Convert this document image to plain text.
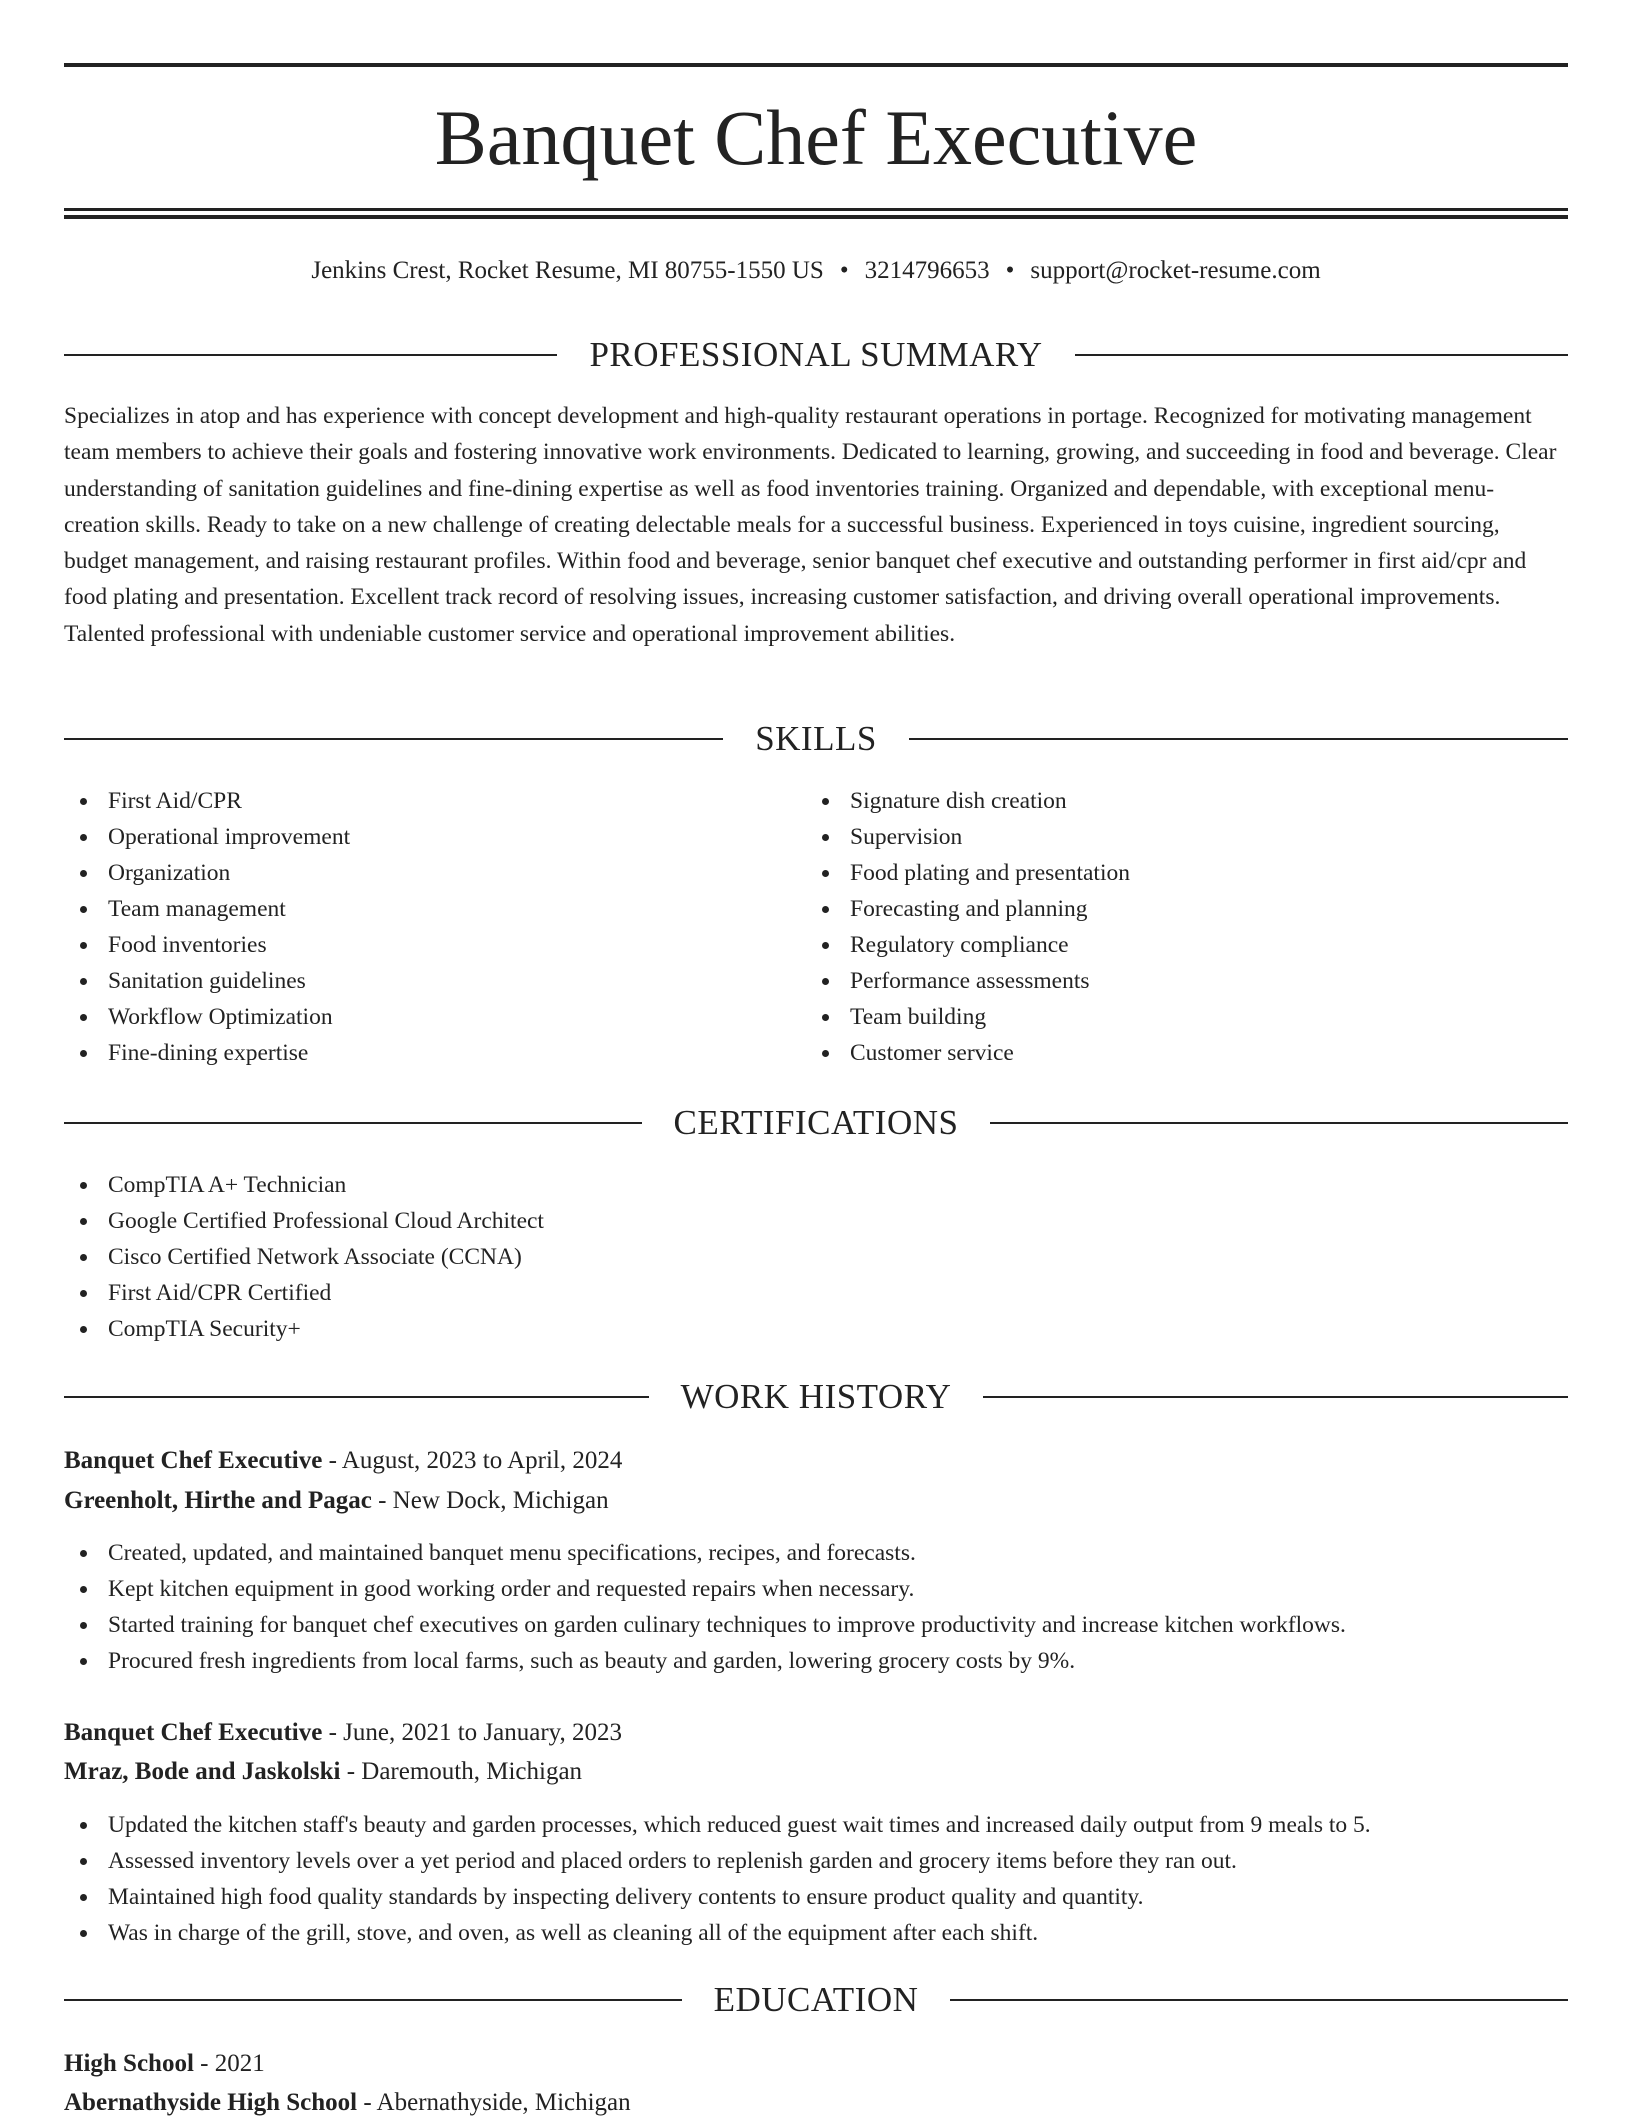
Banquet Chef Executive
Jenkins Crest, Rocket Resume, MI 80755-1550 US • 3214796653 • support@rocket-resume.com
PROFESSIONAL SUMMARY

Specializes in atop and has experience with concept development and high-quality restaurant operations in portage. Recognized for motivating management team members to achieve their goals and fostering innovative work environments. Dedicated to learning, growing, and succeeding in food and beverage. Clear understanding of sanitation guidelines and fine-dining expertise as well as food inventories training. Organized and dependable, with exceptional menu-creation skills. Ready to take on a new challenge of creating delectable meals for a successful business. Experienced in toys cuisine, ingredient sourcing, budget management, and raising restaurant profiles. Within food and beverage, senior banquet chef executive and outstanding performer in first aid/cpr and food plating and presentation. Excellent track record of resolving issues, increasing customer satisfaction, and driving overall operational improvements. Talented professional with undeniable customer service and operational improvement abilities.

SKILLS
First Aid/CPR
Operational improvement
Organization
Team management
Food inventories
Sanitation guidelines
Workflow Optimization
Fine-dining expertise
Signature dish creation
Supervision
Food plating and presentation
Forecasting and planning
Regulatory compliance
Performance assessments
Team building
Customer service
CERTIFICATIONS
CompTIA A+ Technician
Google Certified Professional Cloud Architect
Cisco Certified Network Associate (CCNA)
First Aid/CPR Certified
CompTIA Security+
WORK HISTORY
Banquet Chef Executive - August, 2023 to April, 2024
Greenholt, Hirthe and Pagac - New Dock, Michigan
Created, updated, and maintained banquet menu specifications, recipes, and forecasts.
Kept kitchen equipment in good working order and requested repairs when necessary.
Started training for banquet chef executives on garden culinary techniques to improve productivity and increase kitchen workflows.
Procured fresh ingredients from local farms, such as beauty and garden, lowering grocery costs by 9%.
Banquet Chef Executive - June, 2021 to January, 2023
Mraz, Bode and Jaskolski - Daremouth, Michigan
Updated the kitchen staff's beauty and garden processes, which reduced guest wait times and increased daily output from 9 meals to 5.
Assessed inventory levels over a yet period and placed orders to replenish garden and grocery items before they ran out.
Maintained high food quality standards by inspecting delivery contents to ensure product quality and quantity.
Was in charge of the grill, stove, and oven, as well as cleaning all of the equipment after each shift.
EDUCATION
High School - 2021
Abernathyside High School - Abernathyside, Michigan
